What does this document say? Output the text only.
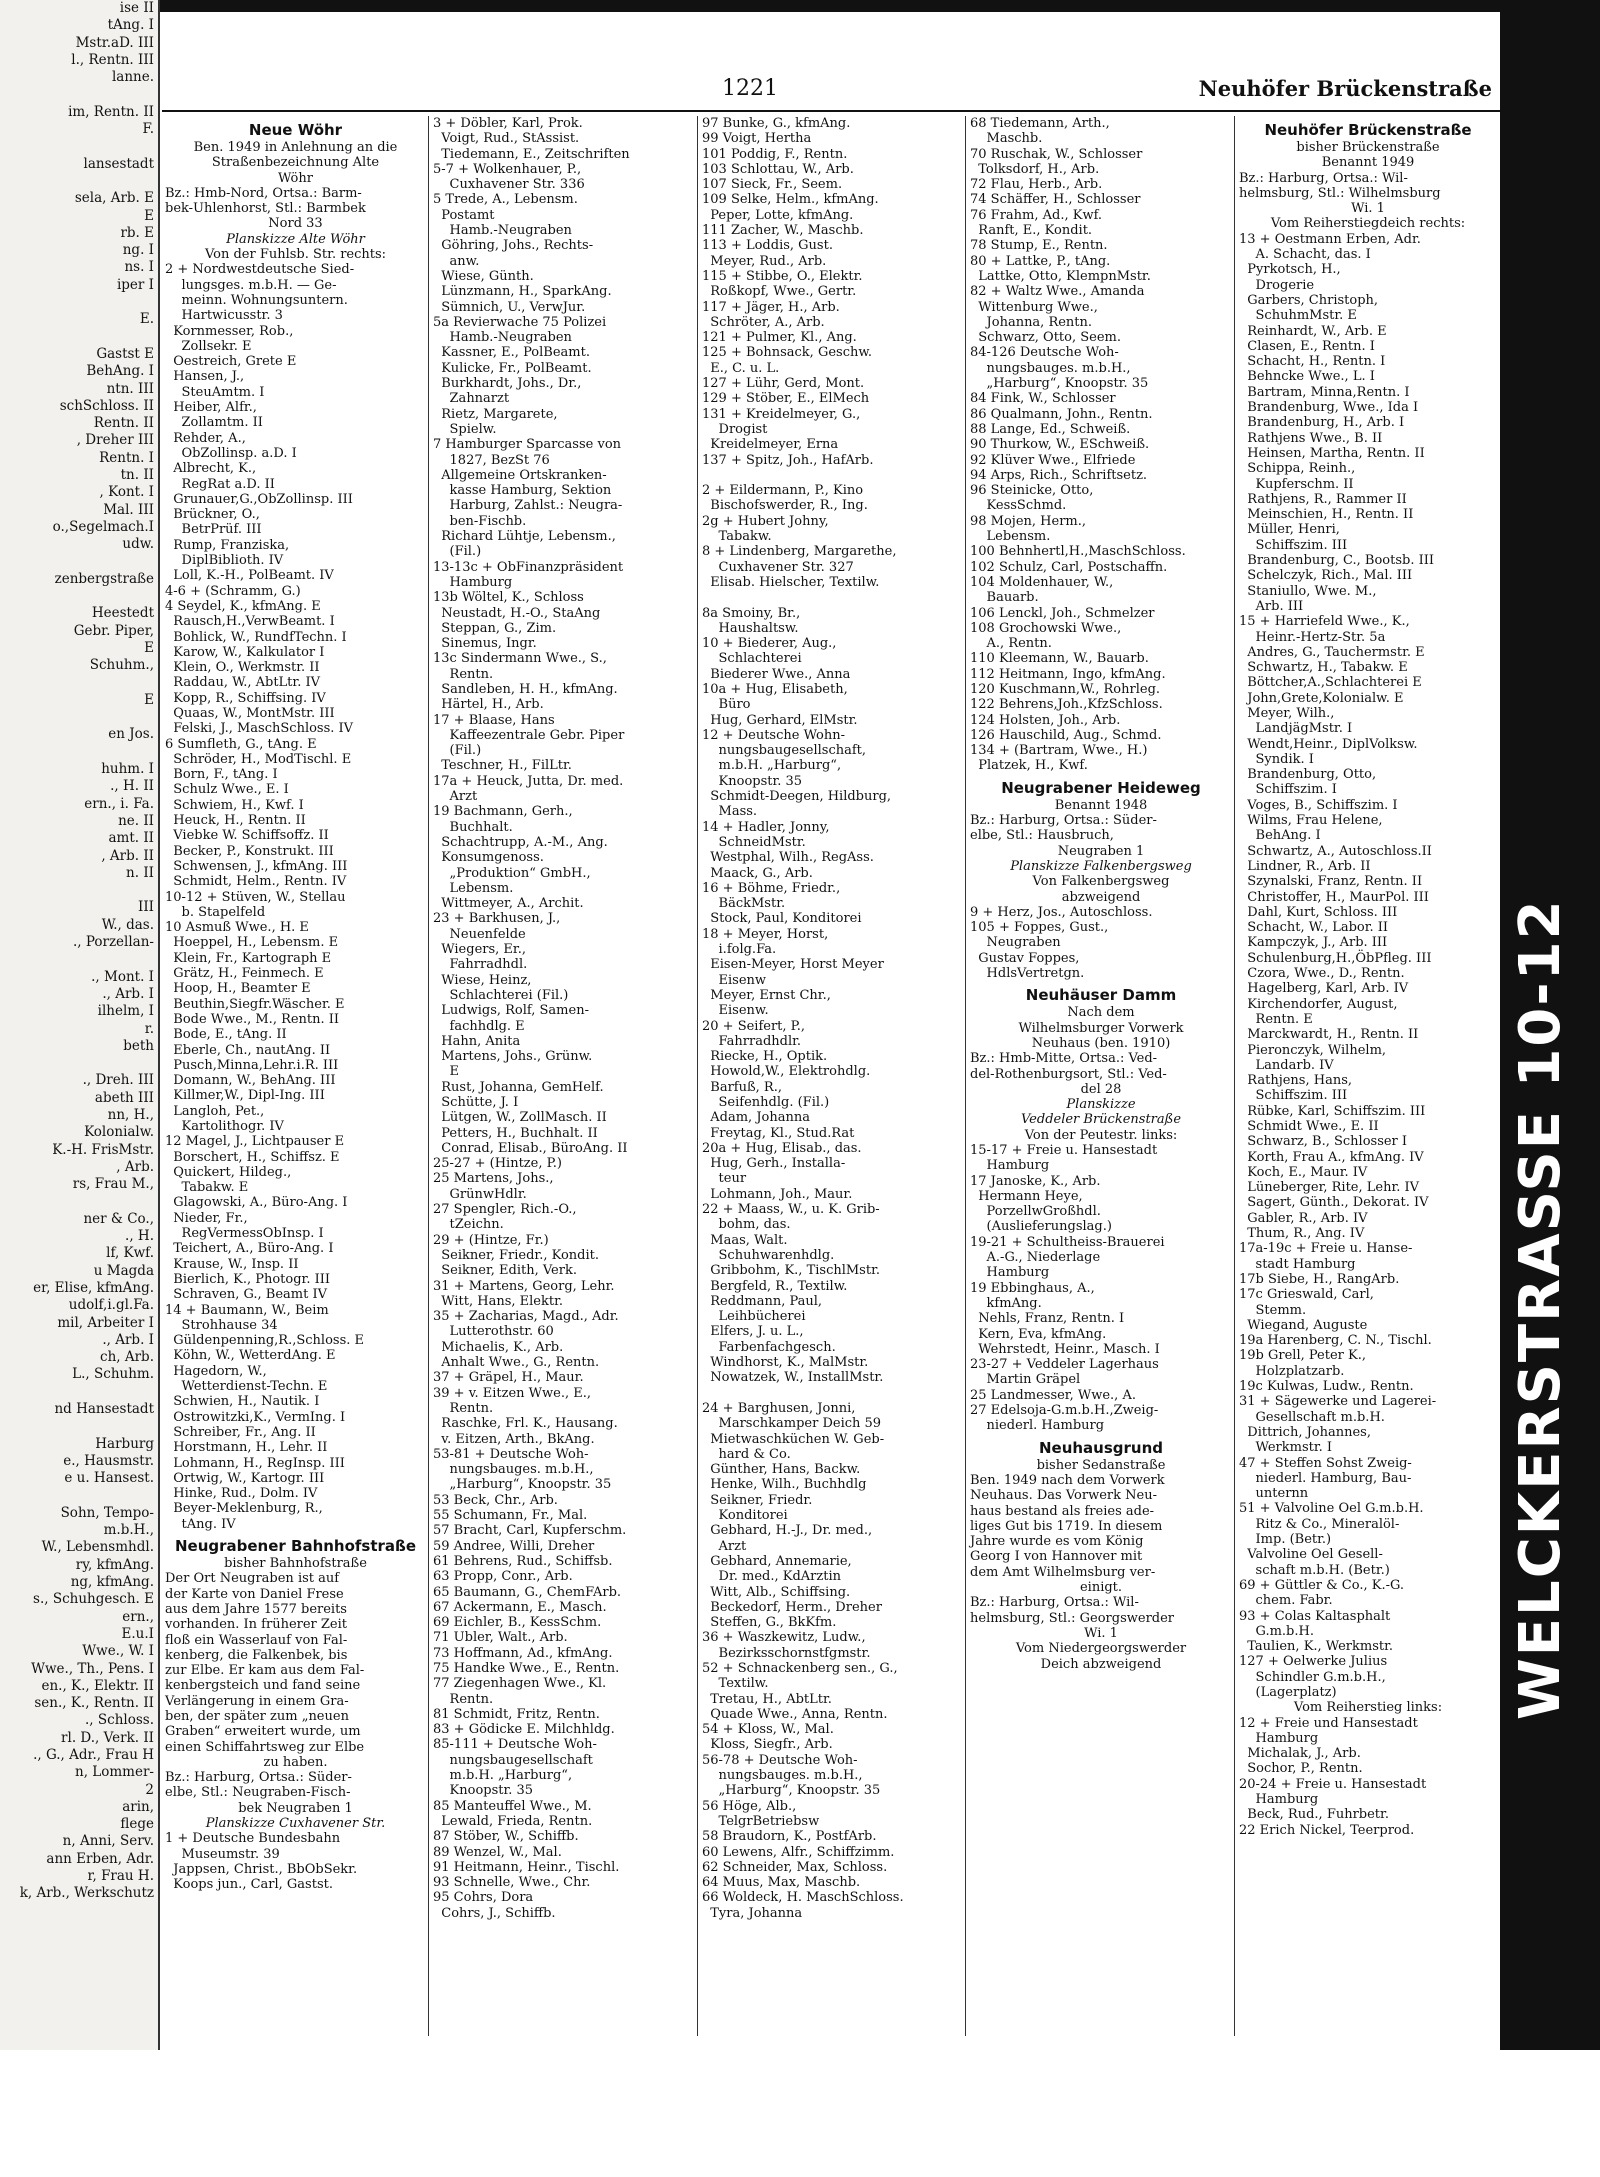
ise II
tAng. I
Mstr.aD. III
l., Rentn. III
lanne.

im, Rentn. II
F.

lansestadt

sela, Arb. E
E
rb. E
ng. I
ns. I
iper I

E.

Gastst E
BehAng. I
ntn. III
schSchloss. II
Rentn. II
, Dreher III
Rentn. I
tn. II
, Kont. I
Mal. III
o.,Segelmach.I
udw.

zenbergstraße

Heestedt
Gebr. Piper,
E
Schuhm.,

E

en Jos.

huhm. I
., H. II
ern., i. Fa.
ne. II
amt. II
, Arb. II
n. II

III
W., das.
., Porzellan-

., Mont. I
., Arb. I
ilhelm, I
r.
beth

., Dreh. III
abeth III
nn, H.,
Kolonialw.
K.-H. FrisMstr.
, Arb.
rs, Frau M.,

ner & Co.,
., H.
lf, Kwf.
u Magda
er, Elise, kfmAng.
udolf,i.gl.Fa.
mil, Arbeiter I
., Arb. I
ch, Arb.
L., Schuhm.

nd Hansestadt

Harburg
e., Hausmstr.
e u. Hansest.

Sohn, Tempo-
m.b.H.,
W., Lebensmhdl.
ry, kfmAng.
ng, kfmAng.
s., Schuhgesch. E
ern.,
E.u.I
Wwe., W. I
Wwe., Th., Pens. I
en., K., Elektr. II
sen., K., Rentn. II
., Schloss.
rl. D., Verk. II
., G., Adr., Frau H
n, Lommer-
2
arin,
flege
n, Anni, Serv.
ann Erben, Adr.
r, Frau H.
k, Arb., Werkschutz
1221	Neuhöfer Brückenstraße
Neue Wöhr
Ben. 1949 in Anlehnung an die
Straßenbezeichnung Alte
Wöhr
Bz.: Hmb-Nord, Ortsa.: Barm-
bek-Uhlenhorst, Stl.: Barmbek
Nord 33
Planskizze Alte Wöhr
Von der Fuhlsb. Str. rechts:
2 + Nordwestdeutsche Sied-
lungsges. m.b.H. — Ge-
meinn. Wohnungsuntern.
Hartwicusstr. 3
Kornmesser, Rob.,
Zollsekr. E
Oestreich, Grete E
Hansen, J.,
SteuAmtm. I
Heiber, Alfr.,
Zollamtm. II
Rehder, A.,
ObZollinsp. a.D. I
Albrecht, K.,
RegRat a.D. II
Grunauer,G.,ObZollinsp. III
Brückner, O.,
BetrPrüf. III
Rump, Franziska,
DiplBiblioth. IV
Loll, K.-H., PolBeamt. IV
4-6 + (Schramm, G.)
4 Seydel, K., kfmAng. E
Rausch,H.,VerwBeamt. I
Bohlick, W., RundfTechn. I
Karow, W., Kalkulator I
Klein, O., Werkmstr. II
Raddau, W., AbtLtr. IV
Kopp, R., Schiffsing. IV
Quaas, W., MontMstr. III
Felski, J., MaschSchloss. IV
6 Sumfleth, G., tAng. E
Schröder, H., ModTischl. E
Born, F., tAng. I
Schulz Wwe., E. I
Schwiem, H., Kwf. I
Heuck, H., Rentn. II
Viebke W. Schiffsoffz. II
Becker, P., Konstrukt. III
Schwensen, J., kfmAng. III
Schmidt, Helm., Rentn. IV
10-12 + Stüven, W., Stellau
b. Stapelfeld
10 Asmuß Wwe., H. E
Hoeppel, H., Lebensm. E
Klein, Fr., Kartograph E
Grätz, H., Feinmech. E
Hoop, H., Beamter E
Beuthin,Siegfr.Wäscher. E
Bode Wwe., M., Rentn. II
Bode, E., tAng. II
Eberle, Ch., nautAng. II
Pusch,Minna,Lehr.i.R. III
Domann, W., BehAng. III
Killmer,W., Dipl-Ing. III
Langloh, Pet.,
Kartolithogr. IV
12 Magel, J., Lichtpauser E
Borschert, H., Schiffsz. E
Quickert, Hildeg.,
Tabakw. E
Glagowski, A., Büro-Ang. I
Nieder, Fr.,
RegVermessObInsp. I
Teichert, A., Büro-Ang. I
Krause, W., Insp. II
Bierlich, K., Photogr. III
Schraven, G., Beamt IV
14 + Baumann, W., Beim
Strohhause 34
Güldenpenning,R.,Schloss. E
Köhn, W., WetterdAng. E
Hagedorn, W.,
Wetterdienst-Techn. E
Schwien, H., Nautik. I
Ostrowitzki,K., VermIng. I
Schreiber, Fr., Ang. II
Horstmann, H., Lehr. II
Lohmann, H., RegInsp. III
Ortwig, W., Kartogr. III
Hinke, Rud., Dolm. IV
Beyer-Meklenburg, R.,
tAng. IV
Neugrabener Bahnhofstraße
bisher Bahnhofstraße
Der Ort Neugraben ist auf
der Karte von Daniel Frese
aus dem Jahre 1577 bereits
vorhanden. In früherer Zeit
floß ein Wasserlauf von Fal-
kenberg, die Falkenbek, bis
zur Elbe. Er kam aus dem Fal-
kenbergsteich und fand seine
Verlängerung in einem Gra-
ben, der später zum „neuen
Graben“ erweitert wurde, um
einen Schiffahrtsweg zur Elbe
zu haben.
Bz.: Harburg, Ortsa.: Süder-
elbe, Stl.: Neugraben-Fisch-
bek Neugraben 1
Planskizze Cuxhavener Str.
1 + Deutsche Bundesbahn
Museumstr. 39
Jappsen, Christ., BbObSekr.
Koops jun., Carl, Gastst.
3 + Döbler, Karl, Prok.
Voigt, Rud., StAssist.
Tiedemann, E., Zeitschriften
5-7 + Wolkenhauer, P.,
Cuxhavener Str. 336
5 Trede, A., Lebensm.
Postamt
Hamb.-Neugraben
Göhring, Johs., Rechts-
anw.
Wiese, Günth.
Lünzmann, H., SparkAng.
Sümnich, U., VerwJur.
5a Revierwache 75 Polizei
Hamb.-Neugraben
Kassner, E., PolBeamt.
Kulicke, Fr., PolBeamt.
Burkhardt, Johs., Dr.,
Zahnarzt
Rietz, Margarete,
Spielw.
7 Hamburger Sparcasse von
1827, BezSt 76
Allgemeine Ortskranken-
kasse Hamburg, Sektion
Harburg, Zahlst.: Neugra-
ben-Fischb.
Richard Lühtje, Lebensm.,
(Fil.)
13-13c + ObFinanzpräsident
Hamburg
13b Wöltel, K., Schloss
Neustadt, H.-O., StaAng
Steppan, G., Zim.
Sinemus, Ingr.
13c Sindermann Wwe., S.,
Rentn.
Sandleben, H. H., kfmAng.
Härtel, H., Arb.
17 + Blaase, Hans
Kaffeezentrale Gebr. Piper
(Fil.)
Teschner, H., FilLtr.
17a + Heuck, Jutta, Dr. med.
Arzt
19 Bachmann, Gerh.,
Buchhalt.
Schachtrupp, A.-M., Ang.
Konsumgenoss.
„Produktion“ GmbH.,
Lebensm.
Wittmeyer, A., Archit.
23 + Barkhusen, J.,
Neuenfelde
Wiegers, Er.,
Fahrradhdl.
Wiese, Heinz,
Schlachterei (Fil.)
Ludwigs, Rolf, Samen-
fachhdlg. E
Hahn, Anita
Martens, Johs., Grünw.
E
Rust, Johanna, GemHelf.
Schütte, J. I
Lütgen, W., ZollMasch. II
Petters, H., Buchhalt. II
Conrad, Elisab., BüroAng. II
25-27 + (Hintze, P.)
25 Martens, Johs.,
GrünwHdlr.
27 Spengler, Rich.-O.,
tZeichn.
29 + (Hintze, Fr.)
Seikner, Friedr., Kondit.
Seikner, Edith, Verk.
31 + Martens, Georg, Lehr.
Witt, Hans, Elektr.
35 + Zacharias, Magd., Adr.
Lutterothstr. 60
Michaelis, K., Arb.
Anhalt Wwe., G., Rentn.
37 + Gräpel, H., Maur.
39 + v. Eitzen Wwe., E.,
Rentn.
Raschke, Frl. K., Hausang.
v. Eitzen, Arth., BkAng.
53-81 + Deutsche Woh-
nungsbauges. m.b.H.,
„Harburg“, Knoopstr. 35
53 Beck, Chr., Arb.
55 Schumann, Fr., Mal.
57 Bracht, Carl, Kupferschm.
59 Andree, Willi, Dreher
61 Behrens, Rud., Schiffsb.
63 Propp, Conr., Arb.
65 Baumann, G., ChemFArb.
67 Ackermann, E., Masch.
69 Eichler, B., KessSchm.
71 Ubler, Walt., Arb.
73 Hoffmann, Ad., kfmAng.
75 Handke Wwe., E., Rentn.
77 Ziegenhagen Wwe., Kl.
Rentn.
81 Schmidt, Fritz, Rentn.
83 + Gödicke E. Milchhldg.
85-111 + Deutsche Woh-
nungsbaugesellschaft
m.b.H. „Harburg“,
Knoopstr. 35
85 Manteuffel Wwe., M.
Lewald, Frieda, Rentn.
87 Stöber, W., Schiffb.
89 Wenzel, W., Mal.
91 Heitmann, Heinr., Tischl.
93 Schnelle, Wwe., Chr.
95 Cohrs, Dora
Cohrs, J., Schiffb.
97 Bunke, G., kfmAng.
99 Voigt, Hertha
101 Poddig, F., Rentn.
103 Schlottau, W., Arb.
107 Sieck, Fr., Seem.
109 Selke, Helm., kfmAng.
Peper, Lotte, kfmAng.
111 Zacher, W., Maschb.
113 + Loddis, Gust.
Meyer, Rud., Arb.
115 + Stibbe, O., Elektr.
Roßkopf, Wwe., Gertr.
117 + Jäger, H., Arb.
Schröter, A., Arb.
121 + Pulmer, Kl., Ang.
125 + Bohnsack, Geschw.
E., C. u. L.
127 + Lühr, Gerd, Mont.
129 + Stöber, E., ElMech
131 + Kreidelmeyer, G.,
Drogist
Kreidelmeyer, Erna
137 + Spitz, Joh., HafArb.

2 + Eildermann, P., Kino
Bischofswerder, R., Ing.
2g + Hubert Johny,
Tabakw.
8 + Lindenberg, Margarethe,
Cuxhavener Str. 327
Elisab. Hielscher, Textilw.

8a Smoiny, Br.,
Haushaltsw.
10 + Biederer, Aug.,
Schlachterei
Biederer Wwe., Anna
10a + Hug, Elisabeth,
Büro
Hug, Gerhard, ElMstr.
12 + Deutsche Wohn-
nungsbaugesellschaft,
m.b.H. „Harburg“,
Knoopstr. 35
Schmidt-Deegen, Hildburg,
Mass.
14 + Hadler, Jonny,
SchneidMstr.
Westphal, Wilh., RegAss.
Maack, G., Arb.
16 + Böhme, Friedr.,
BäckMstr.
Stock, Paul, Konditorei
18 + Meyer, Horst,
i.folg.Fa.
Eisen-Meyer, Horst Meyer
Eisenw
Meyer, Ernst Chr.,
Eisenw.
20 + Seifert, P.,
Fahrradhdlr.
Riecke, H., Optik.
Howold,W., Elektrohdlg.
Barfuß, R.,
Seifenhdlg. (Fil.)
Adam, Johanna
Freytag, Kl., Stud.Rat
20a + Hug, Elisab., das.
Hug, Gerh., Installa-
teur
Lohmann, Joh., Maur.
22 + Maass, W., u. K. Grib-
bohm, das.
Maas, Walt.
Schuhwarenhdlg.
Gribbohm, K., TischlMstr.
Bergfeld, R., Textilw.
Reddmann, Paul,
Leihbücherei
Elfers, J. u. L.,
Farbenfachgesch.
Windhorst, K., MalMstr.
Nowatzek, W., InstallMstr.

24 + Barghusen, Jonni,
Marschkamper Deich 59
Mietwaschküchen W. Geb-
hard & Co.
Günther, Hans, Backw.
Henke, Wilh., Buchhdlg
Seikner, Friedr.
Konditorei
Gebhard, H.-J., Dr. med.,
Arzt
Gebhard, Annemarie,
Dr. med., KdArztin
Witt, Alb., Schiffsing.
Beckedorf, Herm., Dreher
Steffen, G., BkKfm.
36 + Waszkewitz, Ludw.,
Bezirksschornstfgmstr.
52 + Schnackenberg sen., G.,
Textilw.
Tretau, H., AbtLtr.
Quade Wwe., Anna, Rentn.
54 + Kloss, W., Mal.
Kloss, Siegfr., Arb.
56-78 + Deutsche Woh-
nungsbauges. m.b.H.,
„Harburg“, Knoopstr. 35
56 Höge, Alb.,
TelgrBetriebsw
58 Braudorn, K., PostfArb.
60 Lewens, Alfr., Schiffzimm.
62 Schneider, Max, Schloss.
64 Muus, Max, Maschb.
66 Woldeck, H. MaschSchloss.
Tyra, Johanna
68 Tiedemann, Arth.,
Maschb.
70 Ruschak, W., Schlosser
Tolksdorf, H., Arb.
72 Flau, Herb., Arb.
74 Schäffer, H., Schlosser
76 Frahm, Ad., Kwf.
Ranft, E., Kondit.
78 Stump, E., Rentn.
80 + Lattke, P., tAng.
Lattke, Otto, KlempnMstr.
82 + Waltz Wwe., Amanda
Wittenburg Wwe.,
Johanna, Rentn.
Schwarz, Otto, Seem.
84-126 Deutsche Woh-
nungsbauges. m.b.H.,
„Harburg“, Knoopstr. 35
84 Fink, W., Schlosser
86 Qualmann, John., Rentn.
88 Lange, Ed., Schweiß.
90 Thurkow, W., ESchweiß.
92 Klüver Wwe., Elfriede
94 Arps, Rich., Schriftsetz.
96 Steinicke, Otto,
KessSchmd.
98 Mojen, Herm.,
Lebensm.
100 Behnhertl,H.,MaschSchloss.
102 Schulz, Carl, Postschaffn.
104 Moldenhauer, W.,
Bauarb.
106 Lenckl, Joh., Schmelzer
108 Grochowski Wwe.,
A., Rentn.
110 Kleemann, W., Bauarb.
112 Heitmann, Ingo, kfmAng.
120 Kuschmann,W., Rohrleg.
122 Behrens,Joh.,KfzSchloss.
124 Holsten, Joh., Arb.
126 Hauschild, Aug., Schmd.
134 + (Bartram, Wwe., H.)
Platzek, H., Kwf.
Neugrabener Heideweg
Benannt 1948
Bz.: Harburg, Ortsa.: Süder-
elbe, Stl.: Hausbruch,
Neugraben 1
Planskizze Falkenbergsweg
Von Falkenbergsweg
abzweigend
9 + Herz, Jos., Autoschloss.
105 + Foppes, Gust.,
Neugraben
Gustav Foppes,
HdlsVertretgn.
Neuhäuser Damm
Nach dem
Wilhelmsburger Vorwerk
Neuhaus (ben. 1910)
Bz.: Hmb-Mitte, Ortsa.: Ved-
del-Rothenburgsort, Stl.: Ved-
del 28
Planskizze
Veddeler Brückenstraße
Von der Peutestr. links:
15-17 + Freie u. Hansestadt
Hamburg
17 Janoske, K., Arb.
Hermann Heye,
PorzellwGroßhdl.
(Auslieferungslag.)
19-21 + Schultheiss-Brauerei
A.-G., Niederlage
Hamburg
19 Ebbinghaus, A.,
kfmAng.
Nehls, Franz, Rentn. I
Kern, Eva, kfmAng.
Wehrstedt, Heinr., Masch. I
23-27 + Veddeler Lagerhaus
Martin Gräpel
25 Landmesser, Wwe., A.
27 Edelsoja-G.m.b.H.,Zweig-
niederl. Hamburg
Neuhausgrund
bisher Sedanstraße
Ben. 1949 nach dem Vorwerk
Neuhaus. Das Vorwerk Neu-
haus bestand als freies ade-
liges Gut bis 1719. In diesem
Jahre wurde es vom König
Georg I von Hannover mit
dem Amt Wilhelmsburg ver-
einigt.
Bz.: Harburg, Ortsa.: Wil-
helmsburg, Stl.: Georgswerder
Wi. 1
Vom Niedergeorgswerder
Deich abzweigend
Neuhöfer Brückenstraße
bisher Brückenstraße
Benannt 1949
Bz.: Harburg, Ortsa.: Wil-
helmsburg, Stl.: Wilhelmsburg
Wi. 1
Vom Reiherstiegdeich rechts:
13 + Oestmann Erben, Adr.
A. Schacht, das. I
Pyrkotsch, H.,
Drogerie
Garbers, Christoph,
SchuhmMstr. E
Reinhardt, W., Arb. E
Clasen, E., Rentn. I
Schacht, H., Rentn. I
Behncke Wwe., L. I
Bartram, Minna,Rentn. I
Brandenburg, Wwe., Ida I
Brandenburg, H., Arb. I
Rathjens Wwe., B. II
Heinsen, Martha, Rentn. II
Schippa, Reinh.,
Kupferschm. II
Rathjens, R., Rammer II
Meinschien, H., Rentn. II
Müller, Henri,
Schiffszim. III
Brandenburg, C., Bootsb. III
Schelczyk, Rich., Mal. III
Staniullo, Wwe. M.,
Arb. III
15 + Harriefeld Wwe., K.,
Heinr.-Hertz-Str. 5a
Andres, G., Tauchermstr. E
Schwartz, H., Tabakw. E
Böttcher,A.,Schlachterei E
John,Grete,Kolonialw. E
Meyer, Wilh.,
LandjägMstr. I
Wendt,Heinr., DiplVolksw.
Syndik. I
Brandenburg, Otto,
Schiffszim. I
Voges, B., Schiffszim. I
Wilms, Frau Helene,
BehAng. I
Schwartz, A., Autoschloss.II
Lindner, R., Arb. II
Szynalski, Franz, Rentn. II
Christoffer, H., MaurPol. III
Dahl, Kurt, Schloss. III
Schacht, W., Labor. II
Kampczyk, J., Arb. III
Schulenburg,H.,ÖbPfleg. III
Czora, Wwe., D., Rentn.
Hagelberg, Karl, Arb. IV
Kirchendorfer, August,
Rentn. E
Marckwardt, H., Rentn. II
Pieronczyk, Wilhelm,
Landarb. IV
Rathjens, Hans,
Schiffszim. III
Rübke, Karl, Schiffszim. III
Schmidt Wwe., E. II
Schwarz, B., Schlosser I
Korth, Frau A., kfmAng. IV
Koch, E., Maur. IV
Lüneberger, Rite, Lehr. IV
Sagert, Günth., Dekorat. IV
Gabler, R., Arb. IV
Thum, R., Ang. IV
17a-19c + Freie u. Hanse-
stadt Hamburg
17b Siebe, H., RangArb.
17c Grieswald, Carl,
Stemm.
Wiegand, Auguste
19a Harenberg, C. N., Tischl.
19b Grell, Peter K.,
Holzplatzarb.
19c Kulwas, Ludw., Rentn.
31 + Sägewerke und Lagerei-
Gesellschaft m.b.H.
Dittrich, Johannes,
Werkmstr. I
47 + Steffen Sohst Zweig-
niederl. Hamburg, Bau-
unternn
51 + Valvoline Oel G.m.b.H.
Ritz & Co., Mineralöl-
Imp. (Betr.)
Valvoline Oel Gesell-
schaft m.b.H. (Betr.)
69 + Güttler & Co., K.-G.
chem. Fabr.
93 + Colas Kaltasphalt
G.m.b.H.
Taulien, K., Werkmstr.
127 + Oelwerke Julius
Schindler G.m.b.H.,
(Lagerplatz)
Vom Reiherstieg links:
12 + Freie und Hansestadt
Hamburg
Michalak, J., Arb.
Sochor, P., Rentn.
20-24 + Freie u. Hansestadt
Hamburg
Beck, Rud., Fuhrbetr.
22 Erich Nickel, Teerprod.
WELCKERSTRASSE 10-12
